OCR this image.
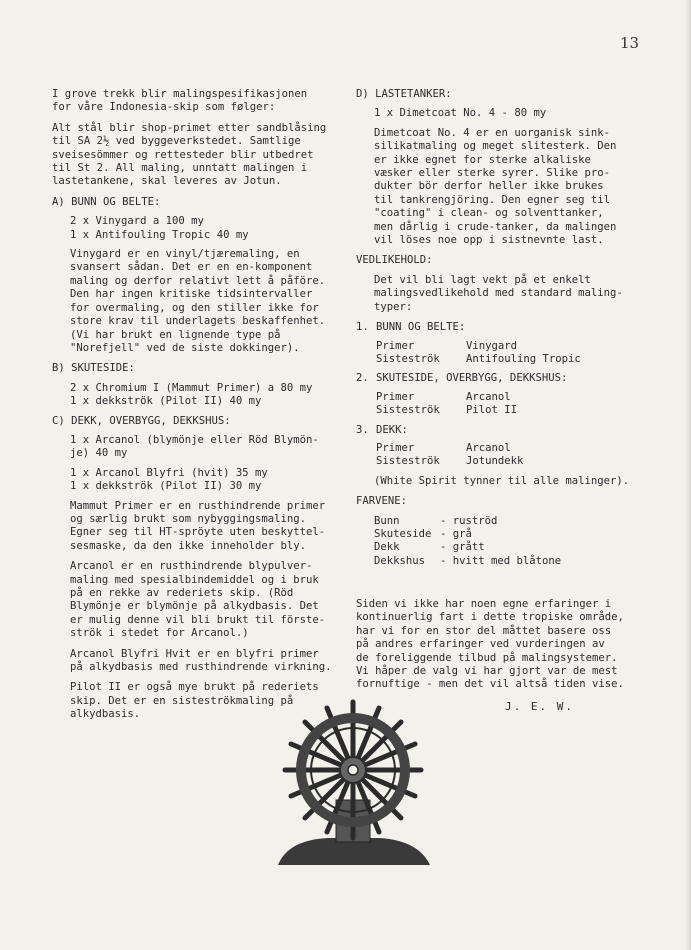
13

I grove trekk blir malingspesifikasjonen
for våre Indonesia-skip som følger:

Alt stål blir shop-primet etter sandblåsing
til SA 2½ ved byggeverkstedet. Samtlige
sveisesömmer og rettesteder blir utbedret
til St 2. All maling, unntatt malingen i
lastetankene, skal leveres av Jotun.

A) BUNN OG BELTE:

2 x Vinygard a 100 my
1 x Antifouling Tropic 40 my

Vinygard er en vinyl/tjæremaling, en
svansert sådan. Det er en en-komponent
maling og derfor relativt lett å påföre.
Den har ingen kritiske tidsintervaller
for overmaling, og den stiller ikke for
store krav til underlagets beskaffenhet.
(Vi har brukt en lignende type på
"Norefjell" ved de siste dokkinger).

B) SKUTESIDE:

2 x Chromium I (Mammut Primer) a 80 my
1 x dekkströk (Pilot II) 40 my

C) DEKK, OVERBYGG, DEKKSHUS:

1 x Arcanol (blymönje eller Röd Blymön-
je) 40 my
1 x Arcanol Blyfri (hvit) 35 my
1 x dekkströk (Pilot II) 30 my

Mammut Primer er en rusthindrende primer
og særlig brukt som nybyggingsmaling.
Egner seg til HT-spröyte uten beskyttel-
sesmaske, da den ikke inneholder bly.

Arcanol er en rusthindrende blypulver-
maling med spesialbindemiddel og i bruk
på en rekke av rederiets skip. (Röd
Blymönje er blymönje på alkydbasis. Det
er mulig denne vil bli brukt til förste-
strök i stedet for Arcanol.)

Arcanol Blyfri Hvit er en blyfri primer
på alkydbasis med rusthindrende virkning.

Pilot II er også mye brukt på rederiets
skip. Det er en sisteströkmaling på
alkydbasis.

D) LASTETANKER:

1 x Dimetcoat No. 4 - 80 my

Dimetcoat No. 4 er en uorganisk sink-
silikatmaling og meget slitesterk. Den
er ikke egnet for sterke alkaliske
væsker eller sterke syrer. Slike pro-
dukter bör derfor heller ikke brukes
til tankrengjöring. Den egner seg til
"coating" i clean- og solventtanker,
men dårlig i crude-tanker, da malingen
vil löses noe opp i sistnevnte last.

VEDLIKEHOLD:

Det vil bli lagt vekt på et enkelt
malingsvedlikehold med standard maling-
typer:

1. BUNN OG BELTE:
Primer	Vinygard
Sisteströk	Antifouling Tropic
2. SKUTESIDE, OVERBYGG, DEKKSHUS:
Primer	Arcanol
Sisteströk	Pilot II
3. DEKK:
Primer	Arcanol
Sisteströk	Jotundekk

(White Spirit tynner til alle malinger).

FARVENE:

Bunn	- ruströd
Skuteside - grå
Dekk	- grått
Dekkshus	- hvitt med blåtone
Siden vi ikke har noen egne erfaringer i
kontinuerlig fart i dette tropiske område,
har vi for en stor del måttet basere oss
på andres erfaringer ved vurderingen av
de foreliggende tilbud på malingsystemer.
Vi håper de valg vi har gjort var de mest
fornuftige - men det vil altså tiden vise.
J. E. W.
